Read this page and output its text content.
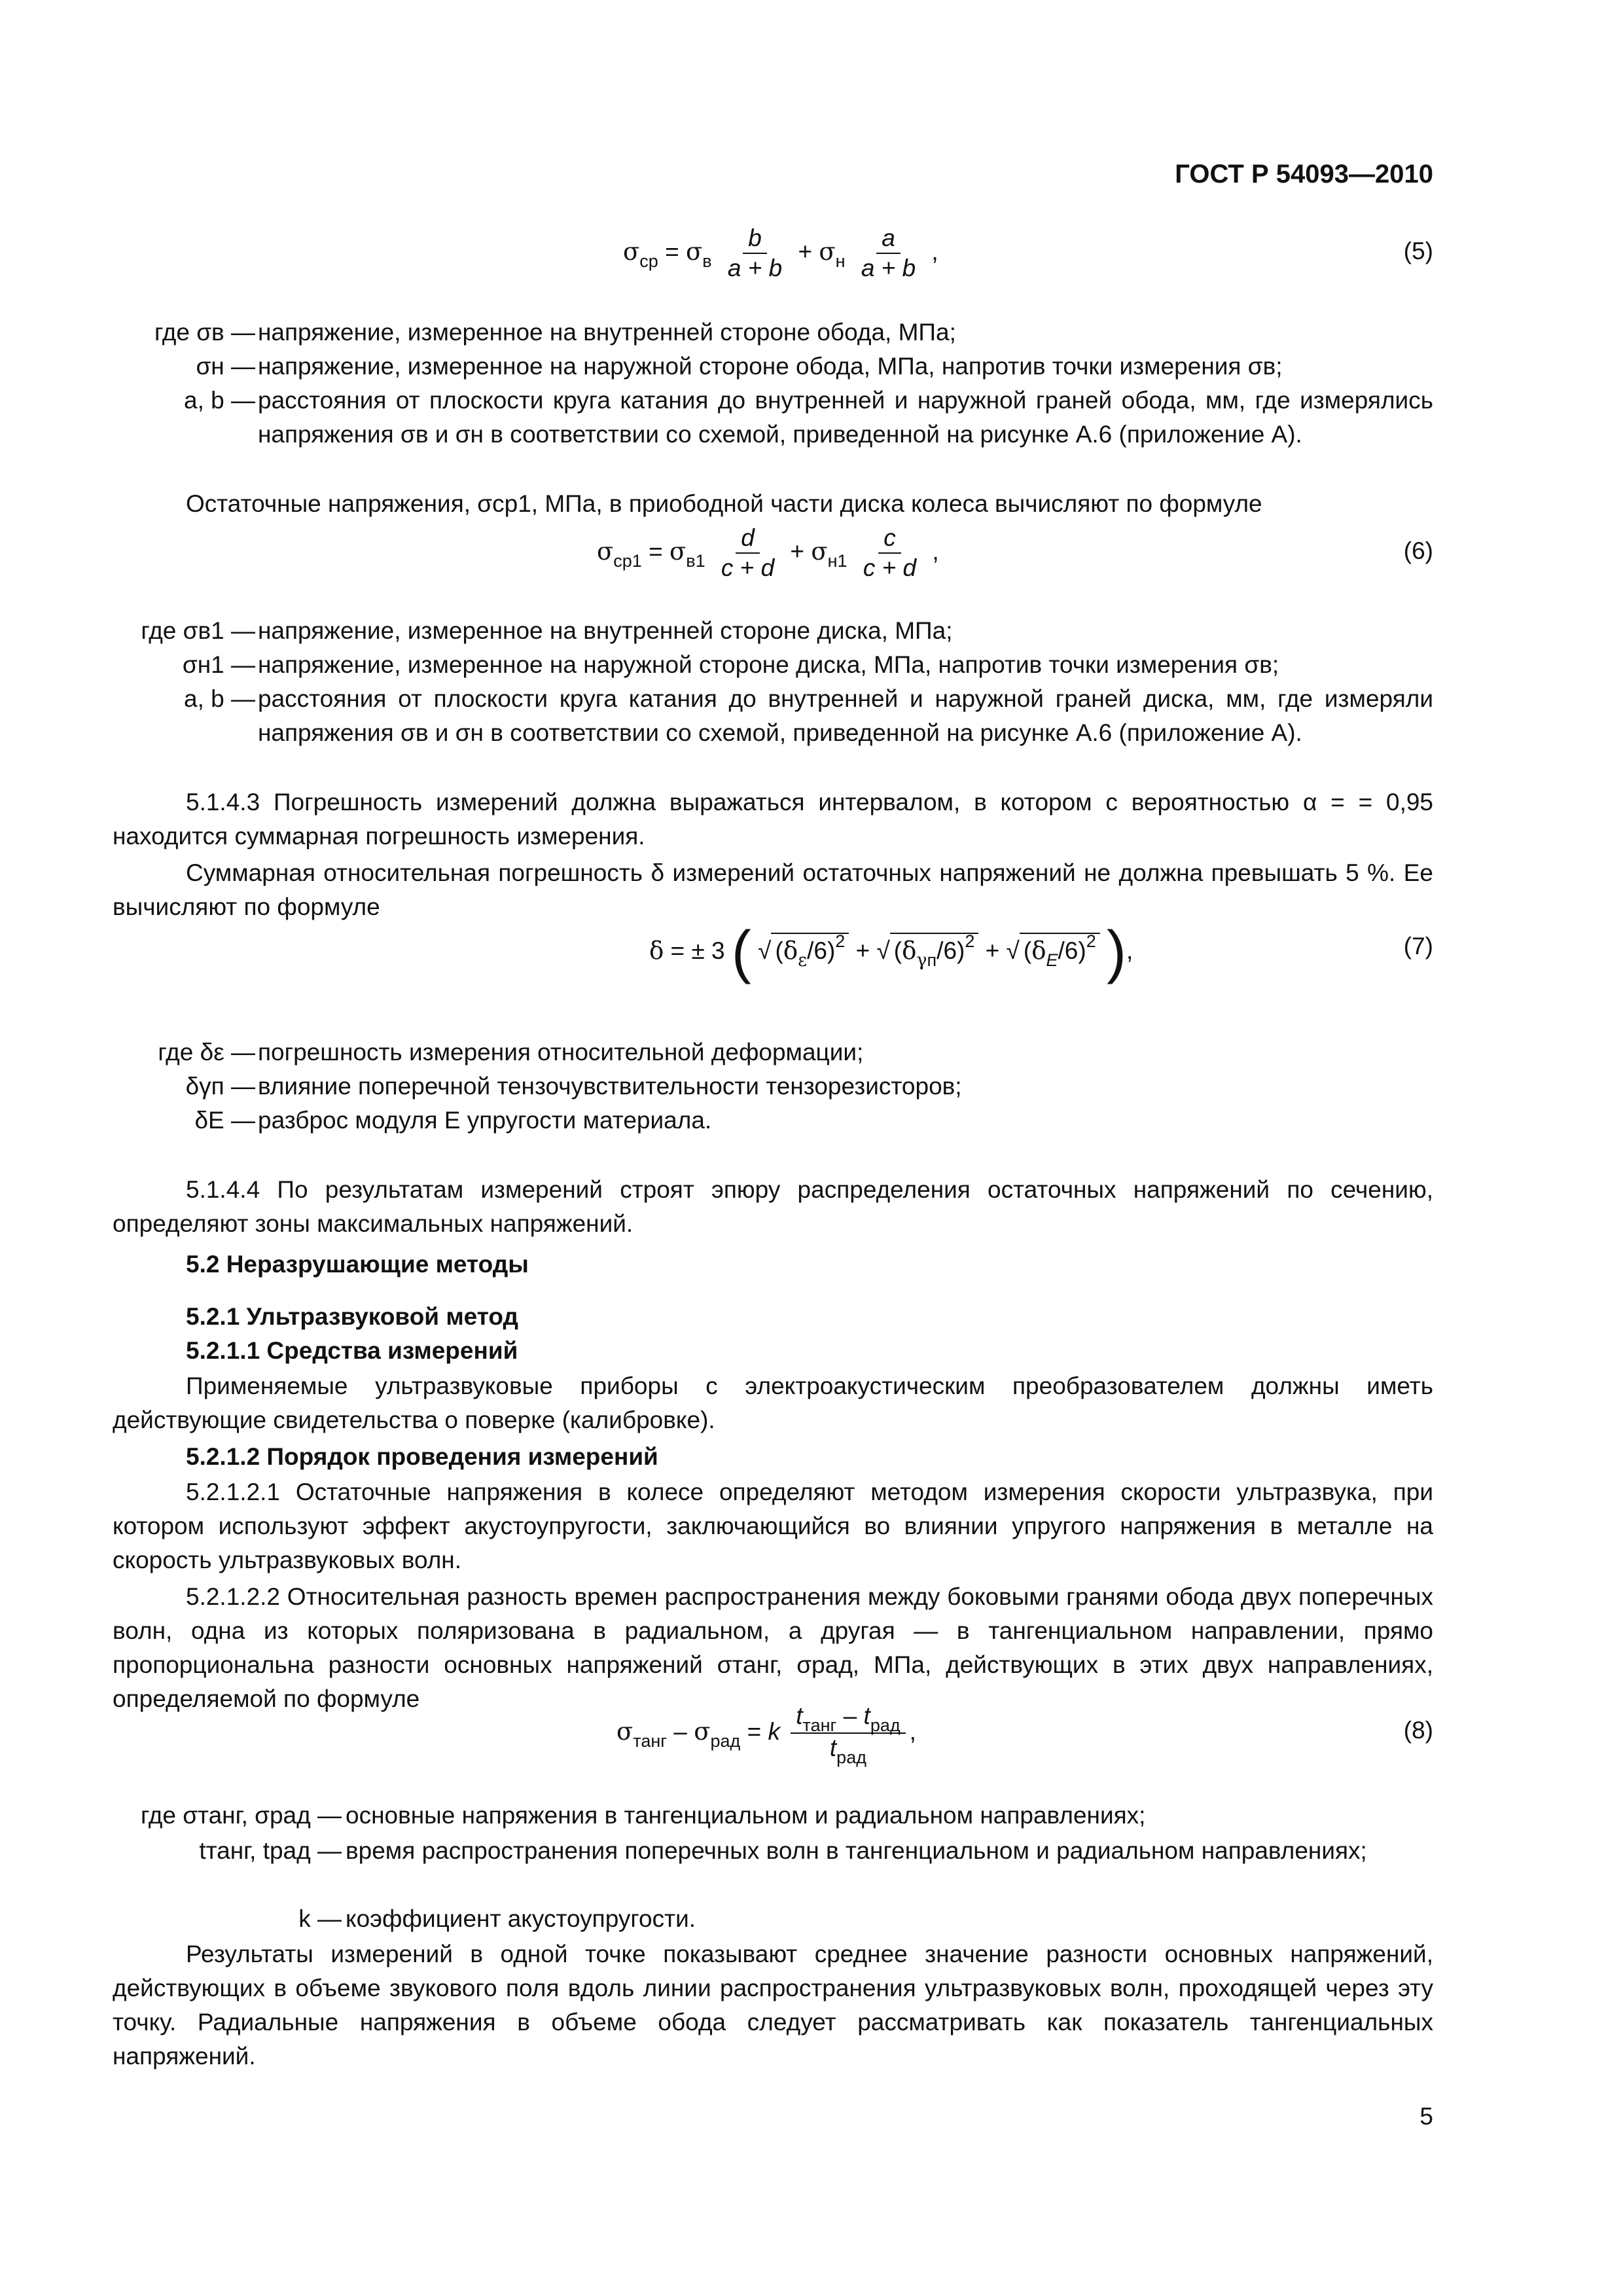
ГОСТ Р 54093—2010
$\sigma_{ср} = \sigma_в \frac{b}{a + b} + \sigma_н \frac{a}{a + b}$ ,	(5)
где σв — напряжение, измеренное на внутренней стороне обода, МПа;
σн — напряжение, измеренное на наружной стороне обода, МПа, напротив точки измерения σв;
a, b — расстояния от плоскости круга катания до внутренней и наружной граней обода, мм, где измерялись напряжения σв и σн в соответствии со схемой, приведенной на рисунке А.6 (приложение А).
Остаточные напряжения, σср1, МПа, в приободной части диска колеса вычисляют по формуле
$\sigma_{ср1} = \sigma_{в1} \frac{d}{c + d} + \sigma_{н1} \frac{c}{c + d}$ ,	(6)
где σв1 — напряжение, измеренное на внутренней стороне диска, МПа;
σн1 — напряжение, измеренное на наружной стороне диска, МПа, напротив точки измерения σв;
a, b — расстояния от плоскости круга катания до внутренней и наружной граней диска, мм, где измеряли напряжения σв и σн в соответствии со схемой, приведенной на рисунке А.6 (приложение А).
5.1.4.3 Погрешность измерений должна выражаться интервалом, в котором с вероятностью α = = 0,95 находится суммарная погрешность измерения.
Суммарная относительная погрешность δ измерений остаточных напряжений не должна превышать 5 %. Ее вычисляют по формуле
δ = ± 3 ( √ $(\delta_\varepsilon/6)^2$ + √ $(\delta_{\gamma п}/6)^2$ + √ $(\delta_E/6)^2$ ),	(7)
где δε — погрешность измерения относительной деформации;
δγп — влияние поперечной тензочувствительности тензорезисторов;
δE — разброс модуля E упругости материала.
5.1.4.4 По результатам измерений строят эпюру распределения остаточных напряжений по сечению, определяют зоны максимальных напряжений.
5.2 Неразрушающие методы
5.2.1 Ультразвуковой метод
5.2.1.1 Средства измерений
Применяемые ультразвуковые приборы с электроакустическим преобразователем должны иметь действующие свидетельства о поверке (калибровке).
5.2.1.2 Порядок проведения измерений
5.2.1.2.1 Остаточные напряжения в колесе определяют методом измерения скорости ультразвука, при котором используют эффект акустоупругости, заключающийся во влиянии упругого напряжения в металле на скорость ультразвуковых волн.
5.2.1.2.2 Относительная разность времен распространения между боковыми гранями обода двух поперечных волн, одна из которых поляризована в радиальном, а другая — в тангенциальном направлении, прямо пропорциональна разности основных напряжений σтанг, σрад, МПа, действующих в этих двух направлениях, определяемой по формуле
$\sigma_{танг} - \sigma_{рад} = k \frac{t_{танг} - t_{рад}}{t_{рад}}$ ,	(8)
где σтанг, σрад — основные напряжения в тангенциальном и радиальном направлениях;
tтанг, tрад — время распространения поперечных волн в тангенциальном и радиальном направлениях;
k — коэффициент акустоупругости.
Результаты измерений в одной точке показывают среднее значение разности основных напряжений, действующих в объеме звукового поля вдоль линии распространения ультразвуковых волн, проходящей через эту точку. Радиальные напряжения в объеме обода следует рассматривать как показатель тангенциальных напряжений.
5
